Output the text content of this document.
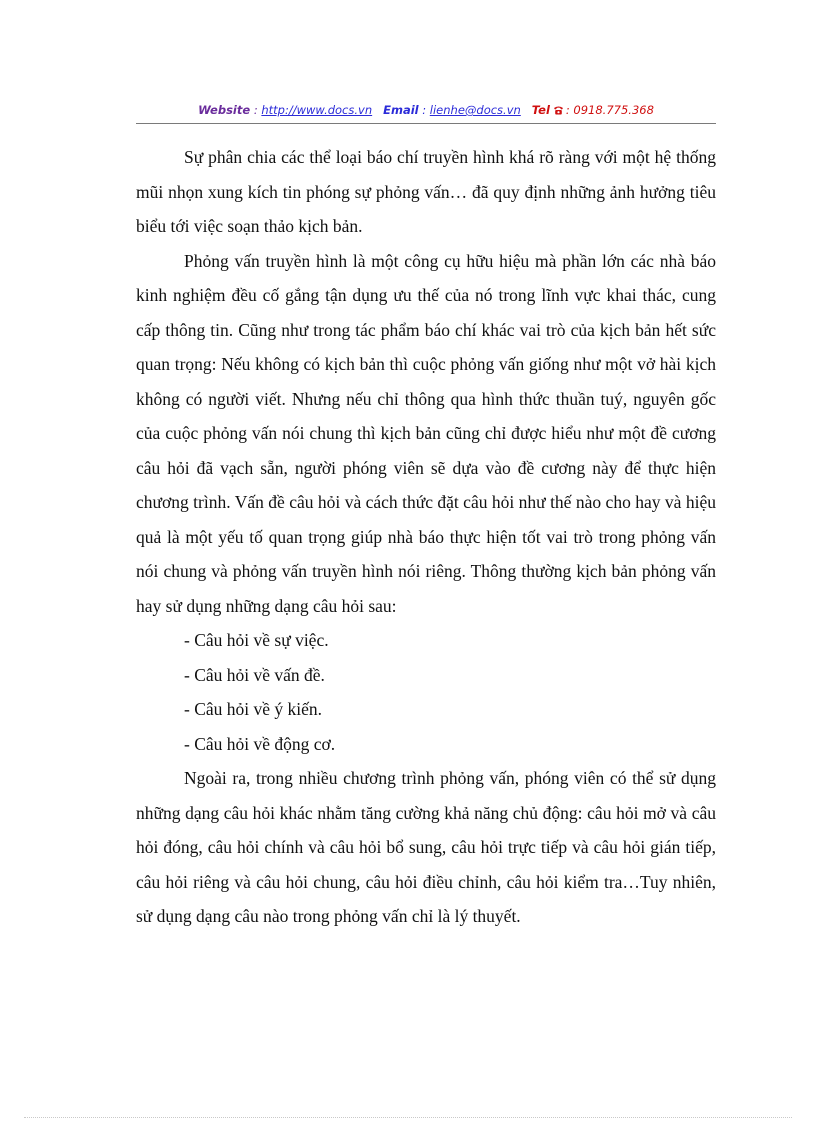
Website : http://www.docs.vn Email : lienhe@docs.vn Tel : 0918.775.368

Sự phân chia các thể loại báo chí truyền hình khá rõ ràng với một hệ thống mũi nhọn xung kích tin phóng sự phỏng vấn… đã quy định những ảnh hưởng tiêu biểu tới việc soạn thảo kịch bản.

Phỏng vấn truyền hình là một công cụ hữu hiệu mà phần lớn các nhà báo kinh nghiệm đều cố gắng tận dụng ưu thế của nó trong lĩnh vực khai thác, cung cấp thông tin. Cũng như trong tác phẩm báo chí khác vai trò của kịch bản hết sức quan trọng: Nếu không có kịch bản thì cuộc phỏng vấn giống như một vở hài kịch không có người viết. Nhưng nếu chỉ thông qua hình thức thuần tuý, nguyên gốc của cuộc phỏng vấn nói chung thì kịch bản cũng chỉ được hiểu như một đề cương câu hỏi đã vạch sẵn, người phóng viên sẽ dựa vào đề cương này để thực hiện chương trình. Vấn đề câu hỏi và cách thức đặt câu hỏi như thế nào cho hay và hiệu quả là một yếu tố quan trọng giúp nhà báo thực hiện tốt vai trò trong phỏng vấn nói chung và phỏng vấn truyền hình nói riêng. Thông thường kịch bản phỏng vấn hay sử dụng những dạng câu hỏi sau:

- Câu hỏi về sự việc.

- Câu hỏi về vấn đề.

- Câu hỏi về ý kiến.

- Câu hỏi về động cơ.

Ngoài ra, trong nhiều chương trình phỏng vấn, phóng viên có thể sử dụng những dạng câu hỏi khác nhằm tăng cường khả năng chủ động: câu hỏi mở và câu hỏi đóng, câu hỏi chính và câu hỏi bổ sung, câu hỏi trực tiếp và câu hỏi gián tiếp, câu hỏi riêng và câu hỏi chung, câu hỏi điều chỉnh, câu hỏi kiểm tra…Tuy nhiên, sử dụng dạng câu nào trong phỏng vấn chỉ là lý thuyết.
